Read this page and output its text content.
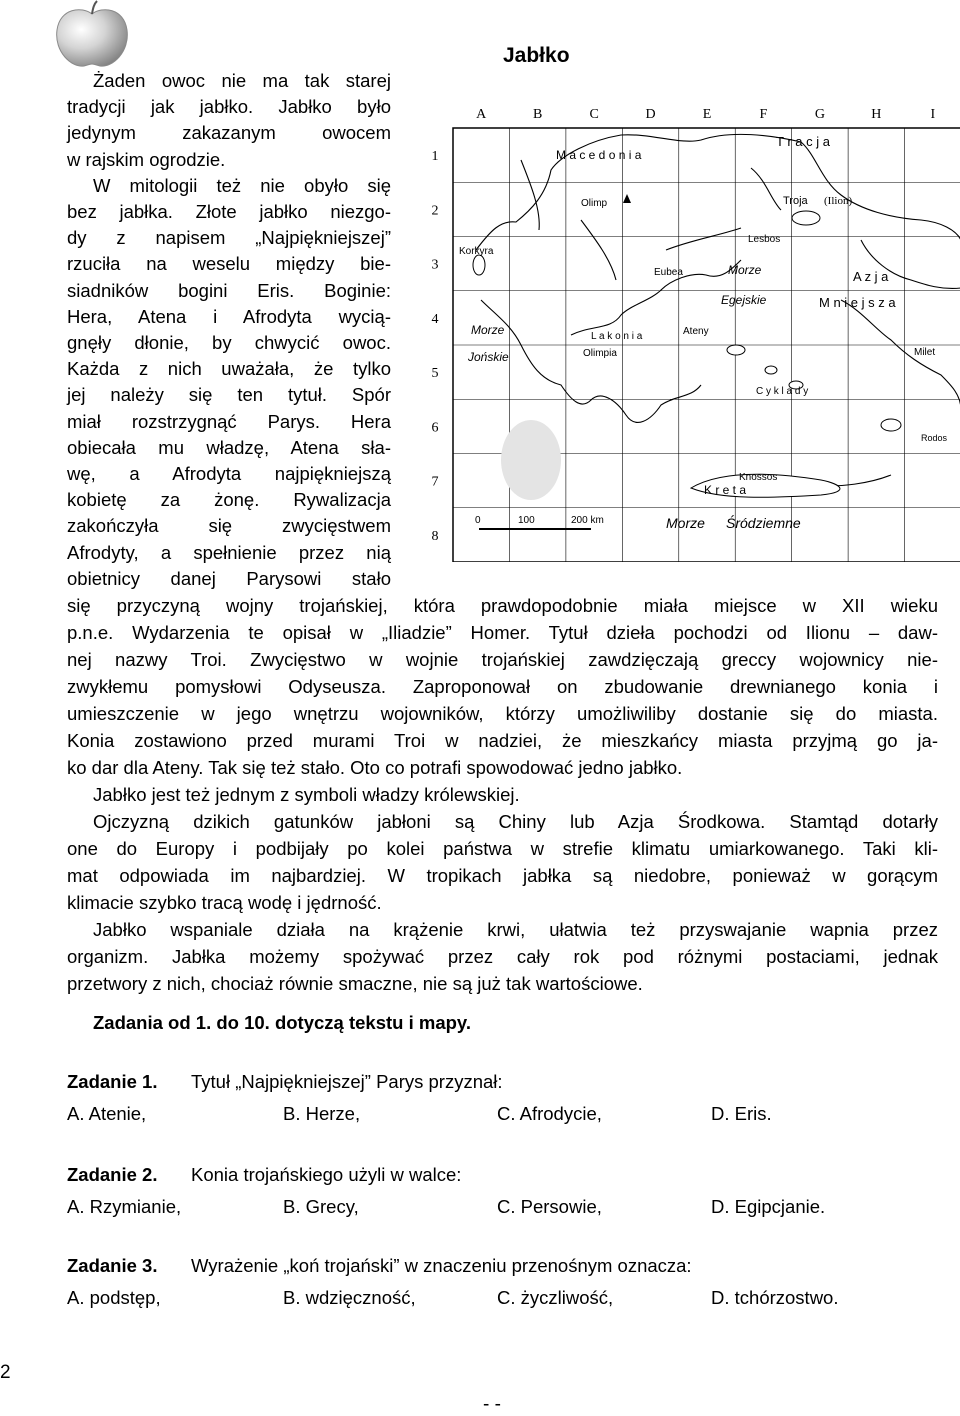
Jabłko
A	B	C	D	E	F	G	H	I
1
2
3
4
5
6
7
8
T r a c j a
M a c e d o n i a
Olimp	Troja (Ilion)
Lesbos
Korkyra
Eubea	Morze	A z j a
Egejskie	M n i e j s z a
Morze	L a k o n i a	Ateny
Olimpia
Jońskie	Milet
C y k l a d y
Rodos
Knossos
K r e t a
0	100	200 km	Morze Śródziemne
Żaden owoc nie ma tak starej
tradycji jak jabłko. Jabłko było
jedynym zakazanym owocem
w rajskim ogrodzie.
W mitologii też nie obyło się
bez jabłka. Złote jabłko niezgo-
dy z napisem „Najpiękniejszej”
rzuciła na weselu między bie-
siadników bogini Eris. Boginie:
Hera, Atena i Afrodyta wycią-
gnęły dłonie, by chwycić owoc.
Każda z nich uważała, że tylko
jej należy się ten tytuł. Spór
miał rozstrzygnąć Parys. Hera
obiecała mu władzę, Atena sła-
wę, a Afrodyta najpiękniejszą
kobietę za żonę. Rywalizacja
zakończyła się zwycięstwem
Afrodyty, a spełnienie przez nią
obietnicy danej Parysowi stało
się przyczyną wojny trojańskiej, która prawdopodobnie miała miejsce w XII wieku
p.n.e. Wydarzenia te opisał w „Iliadzie” Homer. Tytuł dzieła pochodzi od Ilionu – daw-
nej nazwy Troi. Zwycięstwo w wojnie trojańskiej zawdzięczają greccy wojownicy nie-
zwykłemu pomysłowi Odyseusza. Zaproponował on zbudowanie drewnianego konia i
umieszczenie w jego wnętrzu wojowników, którzy umożliwiliby dostanie się do miasta.
Konia zostawiono przed murami Troi w nadziei, że mieszkańcy miasta przyjmą go ja-
ko dar dla Ateny. Tak się też stało. Oto co potrafi spowodować jedno jabłko.
Jabłko jest też jednym z symboli władzy królewskiej.
Ojczyzną dzikich gatunków jabłoni są Chiny lub Azja Środkowa. Stamtąd dotarły
one do Europy i podbijały po kolei państwa w strefie klimatu umiarkowanego. Taki kli-
mat odpowiada im najbardziej. W tropikach jabłka są niedobre, ponieważ w gorącym
klimacie szybko tracą wodę i jędrność.
Jabłko wspaniale działa na krążenie krwi, ułatwia też przyswajanie wapnia przez
organizm. Jabłka możemy spożywać przez cały rok pod różnymi postaciami, jednak
przetwory z nich, chociaż równie smaczne, nie są już tak wartościowe.
Zadania od 1. do 10. dotyczą tekstu i mapy.
Zadanie 1. Tytuł „Najpiękniejszej” Parys przyznał:
A. Atenie,	B. Herze,	C. Afrodycie,	D. Eris.
Zadanie 2. Konia trojańskiego użyli w walce:
A. Rzymianie,	B. Grecy,	C. Persowie,	D. Egipcjanie.
Zadanie 3. Wyrażenie „koń trojański” w znaczeniu przenośnym oznacza:
A. podstęp,	B. wdzięczność,	C. życzliwość,	D. tchórzostwo.
2
- -
